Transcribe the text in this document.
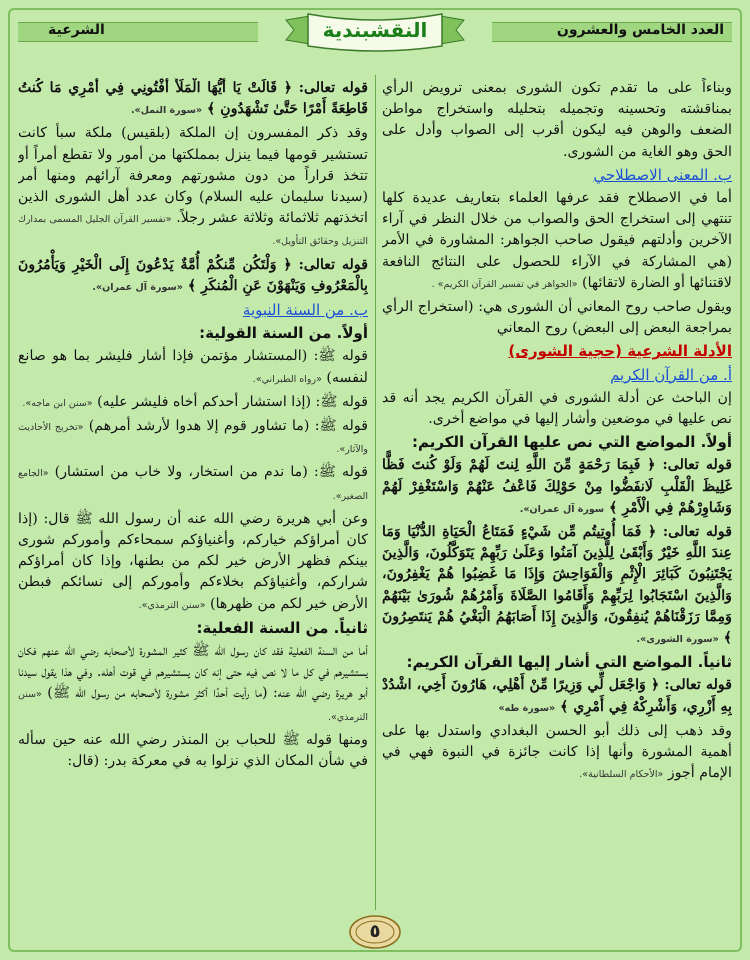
العدد الخامس والعشرون
الشرعية	النقشبندية

وبناءاً على ما تقدم تكون الشورى بمعنى ترويض الرأي بمناقشته وتحسينه وتجميله بتحليله واستخراج مواطن الضعف والوهن فيه ليكون أقرب إلى الصواب وأدل على الحق وهو الغاية من الشورى.

ب. المعنى الاصطلاحي

أما في الاصطلاح فقد عرفها العلماء بتعاريف عديدة كلها تنتهي إلى استخراج الحق والصواب من خلال النظر في آراء الآخرين وأدلتهم فيقول صاحب الجواهر: المشاورة في الأمر (هي المشاركة في الآراء للحصول على النتائج النافعة لاقتنائها أو الضارة لاتقائها) «الجواهر في تفسير القرآن الكريم» .

ويقول صاحب روح المعاني أن الشورى هي: (استخراج الرأي بمراجعة البعض إلى البعض) روح المعاني

الأدلة الشرعية (حجية الشورى)

أ. من القرآن الكريم

إن الباحث عن أدلة الشورى في القرآن الكريم يجد أنه قد نص عليها في موضعين وأشار إليها في مواضع أخرى.

أولاً. المواضع التي نص عليها القرآن الكريم:

قوله تعالى: ﴿ فَبِمَا رَحْمَةٍ مِّنَ اللَّهِ لِنتَ لَهُمْ وَلَوْ كُنتَ فَظًّا غَلِيظَ الْقَلْبِ لَانفَضُّوا مِنْ حَوْلِكَ فَاعْفُ عَنْهُمْ وَاسْتَغْفِرْ لَهُمْ وَشَاوِرْهُمْ فِي الْأَمْرِ ﴾ سورة آل عمران».

قوله تعالى: ﴿ فَمَا أُوتِيتُم مِّن شَيْءٍ فَمَتَاعُ الْحَيَاةِ الدُّنْيَا وَمَا عِندَ اللَّهِ خَيْرٌ وَأَبْقَىٰ لِلَّذِينَ آمَنُوا وَعَلَىٰ رَبِّهِمْ يَتَوَكَّلُونَ، وَالَّذِينَ يَجْتَنِبُونَ كَبَائِرَ الْإِثْمِ وَالْفَوَاحِشَ وَإِذَا مَا غَضِبُوا هُمْ يَغْفِرُونَ، وَالَّذِينَ اسْتَجَابُوا لِرَبِّهِمْ وَأَقَامُوا الصَّلَاةَ وَأَمْرُهُمْ شُورَىٰ بَيْنَهُمْ وَمِمَّا رَزَقْنَاهُمْ يُنفِقُونَ، وَالَّذِينَ إِذَا أَصَابَهُمُ الْبَغْيُ هُمْ يَنتَصِرُونَ ﴾ «سورة الشورى».

ثانياً. المواضع التي أشار إليها القرآن الكريم:

قوله تعالى: ﴿ وَاجْعَل لِّي وَزِيرًا مِّنْ أَهْلِي، هَارُونَ أَخِي، اشْدُدْ بِهِ أَزْرِي، وَأَشْرِكْهُ فِي أَمْرِي ﴾ «سورة طه»

وقد ذهب إلى ذلك أبو الحسن البغدادي واستدل بها على أهمية المشورة وأنها إذا كانت جائزة في النبوة فهي في الإمام أجوز «الأحكام السلطانية».

قوله تعالى: ﴿ قَالَتْ يَا أَيُّهَا الْمَلَأُ أَفْتُونِي فِي أَمْرِي مَا كُنتُ قَاطِعَةً أَمْرًا حَتَّىٰ تَشْهَدُونِ ﴾ «سورة النمل».

وقد ذكر المفسرون إن الملكة (بلقيس) ملكة سبأ كانت تستشير قومها فيما ينزل بمملكتها من أمور ولا تقطع أمراً أو تتخذ قراراً من دون مشورتهم ومعرفة آرائهم ومنها أمر (سيدنا سليمان عليه السلام) وكان عدد أهل الشورى الذين اتخذتهم ثلاثمائة وثلاثة عشر رجلاً. «تفسير القرآن الجليل المسمى بمدارك التنزيل وحقائق التأويل».

قوله تعالى: ﴿ وَلْتَكُن مِّنكُمْ أُمَّةٌ يَدْعُونَ إِلَى الْخَيْرِ وَيَأْمُرُونَ بِالْمَعْرُوفِ وَيَنْهَوْنَ عَنِ الْمُنكَرِ ﴾ «سورة آل عمران».

ب. من السنة النبوية

أولاً. من السنة القولية:

قوله ﷺ: (المستشار مؤتمن فإذا أشار فليشر بما هو صانع لنفسه) «رواه الطبراني».

قوله ﷺ: (إذا استشار أحدكم أخاه فليشر عليه) «سنن ابن ماجه».

قوله ﷺ: (ما تشاور قوم إلا هدوا لأرشد أمرهم) «تخريج الأحاديث والآثار».

قوله ﷺ: (ما ندم من استخار، ولا خاب من استشار) «الجامع الصغير».

وعن أبي هريرة رضي الله عنه أن رسول الله ﷺ قال: (إذا كان أمراؤكم خياركم، وأغنياؤكم سمحاءكم وأموركم شورى بينكم فظهر الأرض خير لكم من بطنها، وإذا كان أمراؤكم شراركم، وأغنياؤكم بخلاءكم وأموركم إلى نسائكم فبطن الأرض خير لكم من ظهرها) «سنن الترمذي».

ثانياً. من السنة الفعلية:

أما من السنة الفعلية فقد كان رسول الله ﷺ كثير المشورة لأصحابه رضي الله عنهم فكان يستشيرهم في كل ما لا نص فيه حتى إنه كان يستشيرهم في قوت أهله. وفي هذا يقول سيدنا أبو هريرة رضي الله عنه: (ما رأيت أحدًا أكثر مشورة لأصحابه من رسول الله ﷺ) «سنن الترمذي».

ومنها قوله ﷺ للحباب بن المنذر رضي الله عنه حين سأله في شأن المكان الذي نزلوا به في معركة بدر: (قال:

٥
